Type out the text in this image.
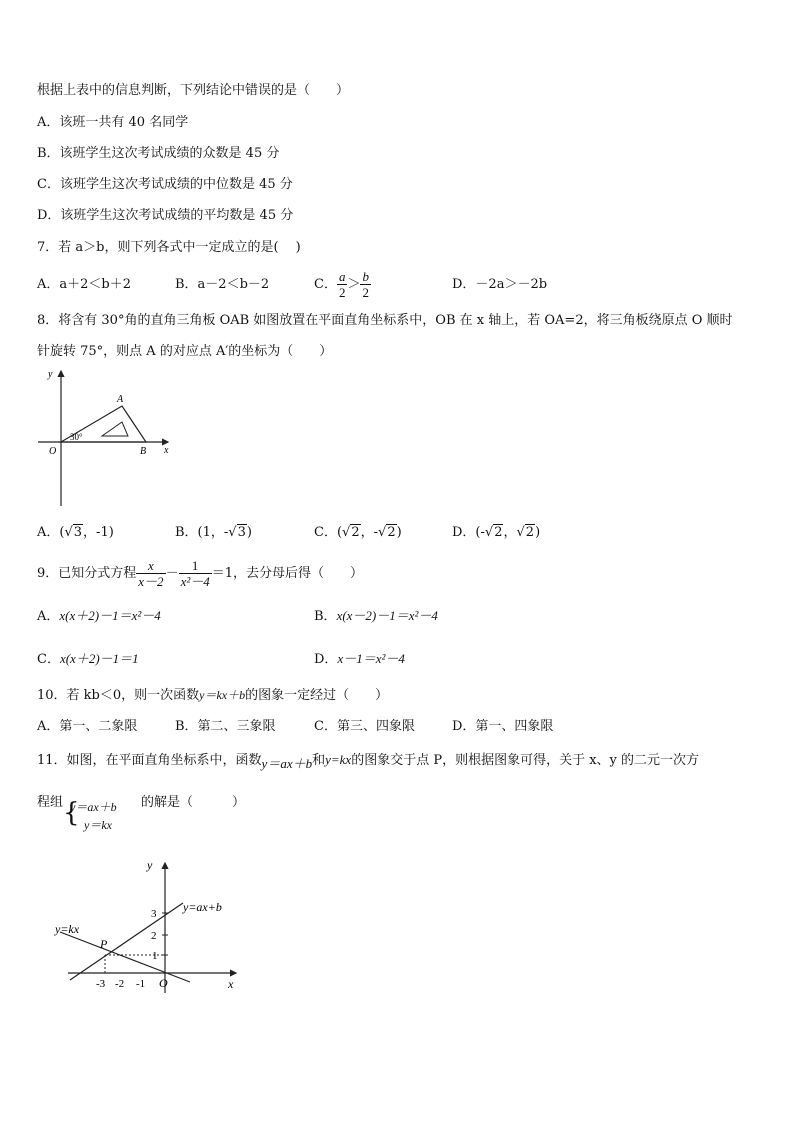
根据上表中的信息判断，下列结论中错误的是（　　）
A．该班一共有 40 名同学
B．该班学生这次考试成绩的众数是 45 分
C．该班学生这次考试成绩的中位数是 45 分
D．该班学生这次考试成绩的平均数是 45 分
7．若 a＞b，则下列各式中一定成立的是(　 )
A．a＋2＜b＋2	B．a－2＜b－2	C． $\frac{a}{2} > \frac{b}{2}$	D．－2a＞－2b
8．将含有 30°角的直角三角板 OAB 如图放置在平面直角坐标系中，OB 在 x 轴上，若 OA=2，将三角板绕原点 O 顺时
针旋转 75°，则点 A 的对应点 A′的坐标为（　　）
y
x
O
A
B
30°
A．(√3，-1)	B．(1，-√3)	C．(√2，-√2)	D．(-√2，√2)
9．已知分式方程 $\frac{x}{x-2} - \frac{1}{\text{x²－4}} =1$，去分母后得（　　）
A．x(x＋2)－1＝x²－4	B．x(x－2)－1＝x²－4
C．x(x＋2)－1＝1	D．x－1＝x²－4
10．若 kb＜0，则一次函数y＝kx＋b的图象一定经过（　　）
A．第一、二象限	B．第二、三象限	C．第三、四象限	D．第一、四象限
11．如图，在平面直角坐标系中，函数y＝ax＋b和y=kx的图象交于点 P，则根据图象可得，关于 x、y 的二元一次方
程组 {
y＝ax＋b 的解是（　　　）
y＝kx
y
x
O
P
y=ax+b
y=kx
3
2
1
-3 -2 -1
